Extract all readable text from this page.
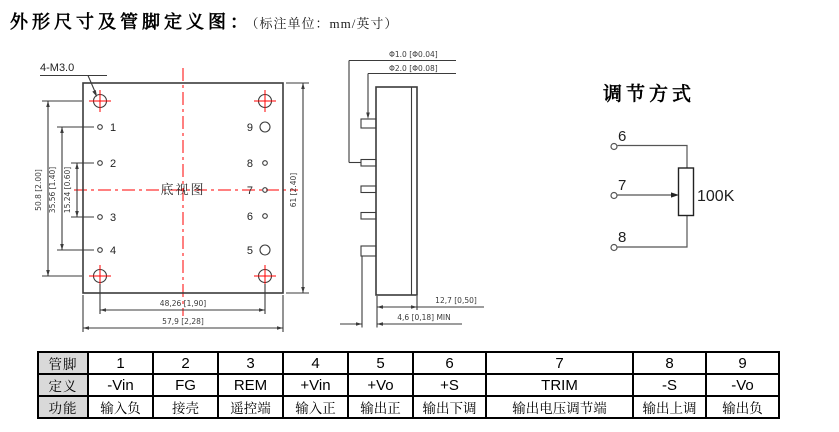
外形尺寸及管脚定义图：（标注单位：mm/英寸）
4-M3.0
1
2
3
4
9
8
7
6
5
底视图
50.8 [2.00] 35.56 [1.40] 15.24 [0.60]	61 [2.40]
48,26 [1,90]
57,9 [2,28]
Φ1.0 [Φ0.04]
Φ2.0 [Φ0.08]
12,7 [0,50]
4,6 [0,18] MIN
调节方式
6
7
8
100K
管脚	1	2	3	4	5	6	7	8	9
定义	-Vin	FG	REM	+Vin	+Vo	+S	TRIM	-S	-Vo
功能	输入负	接壳	遥控端	输入正	输出正	输出下调	输出电压调节端	输出上调	输出负
